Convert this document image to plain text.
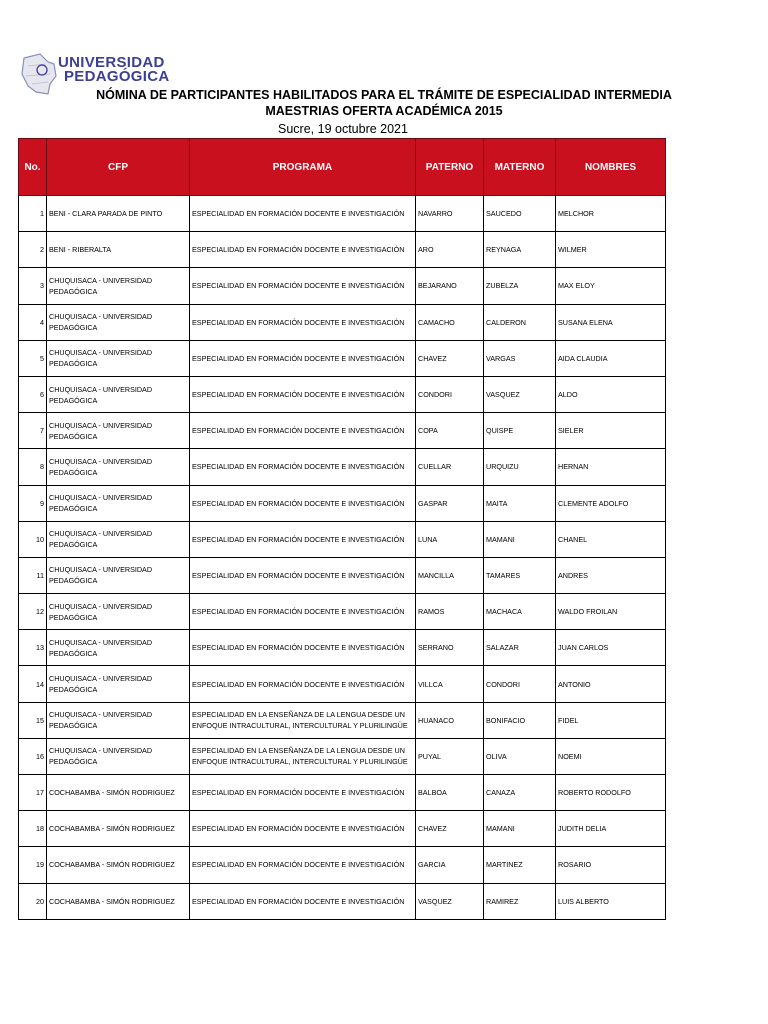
UNIVERSIDAD
PEDAGÓGICA
NÓMINA DE PARTICIPANTES HABILITADOS PARA EL TRÁMITE DE ESPECIALIDAD INTERMEDIA
MAESTRIAS OFERTA ACADÉMICA 2015
Sucre, 19 octubre 2021
No.	CFP	PROGRAMA	PATERNO	MATERNO	NOMBRES
1	BENI - CLARA PARADA DE PINTO	ESPECIALIDAD EN FORMACIÓN DOCENTE E INVESTIGACIÓN	NAVARRO	SAUCEDO	MELCHOR
2	BENI - RIBERALTA	ESPECIALIDAD EN FORMACIÓN DOCENTE E INVESTIGACIÓN	ARO	REYNAGA	WILMER
3	CHUQUISACA - UNIVERSIDAD PEDAGÓGICA	ESPECIALIDAD EN FORMACIÓN DOCENTE E INVESTIGACIÓN	BEJARANO	ZUBELZA	MAX ELOY
4	CHUQUISACA - UNIVERSIDAD PEDAGÓGICA	ESPECIALIDAD EN FORMACIÓN DOCENTE E INVESTIGACIÓN	CAMACHO	CALDERON	SUSANA ELENA
5	CHUQUISACA - UNIVERSIDAD PEDAGÓGICA	ESPECIALIDAD EN FORMACIÓN DOCENTE E INVESTIGACIÓN	CHAVEZ	VARGAS	AIDA CLAUDIA
6	CHUQUISACA - UNIVERSIDAD PEDAGÓGICA	ESPECIALIDAD EN FORMACIÓN DOCENTE E INVESTIGACIÓN	CONDORI	VASQUEZ	ALDO
7	CHUQUISACA - UNIVERSIDAD PEDAGÓGICA	ESPECIALIDAD EN FORMACIÓN DOCENTE E INVESTIGACIÓN	COPA	QUISPE	SIELER
8	CHUQUISACA - UNIVERSIDAD PEDAGÓGICA	ESPECIALIDAD EN FORMACIÓN DOCENTE E INVESTIGACIÓN	CUELLAR	URQUIZU	HERNAN
9	CHUQUISACA - UNIVERSIDAD PEDAGÓGICA	ESPECIALIDAD EN FORMACIÓN DOCENTE E INVESTIGACIÓN	GASPAR	MAITA	CLEMENTE ADOLFO
10	CHUQUISACA - UNIVERSIDAD PEDAGÓGICA	ESPECIALIDAD EN FORMACIÓN DOCENTE E INVESTIGACIÓN	LUNA	MAMANI	CHANEL
11	CHUQUISACA - UNIVERSIDAD PEDAGÓGICA	ESPECIALIDAD EN FORMACIÓN DOCENTE E INVESTIGACIÓN	MANCILLA	TAMARES	ANDRES
12	CHUQUISACA - UNIVERSIDAD PEDAGÓGICA	ESPECIALIDAD EN FORMACIÓN DOCENTE E INVESTIGACIÓN	RAMOS	MACHACA	WALDO FROILAN
13	CHUQUISACA - UNIVERSIDAD PEDAGÓGICA	ESPECIALIDAD EN FORMACIÓN DOCENTE E INVESTIGACIÓN	SERRANO	SALAZAR	JUAN CARLOS
14	CHUQUISACA - UNIVERSIDAD PEDAGÓGICA	ESPECIALIDAD EN FORMACIÓN DOCENTE E INVESTIGACIÓN	VILLCA	CONDORI	ANTONIO
15	CHUQUISACA - UNIVERSIDAD PEDAGÓGICA	ESPECIALIDAD EN LA ENSEÑANZA DE LA LENGUA DESDE UN ENFOQUE INTRACULTURAL, INTERCULTURAL Y PLURILINGÜE	HUANACO	BONIFACIO	FIDEL
16	CHUQUISACA - UNIVERSIDAD PEDAGÓGICA	ESPECIALIDAD EN LA ENSEÑANZA DE LA LENGUA DESDE UN ENFOQUE INTRACULTURAL, INTERCULTURAL Y PLURILINGÜE	PUYAL	OLIVA	NOEMI
17	COCHABAMBA - SIMÓN RODRIGUEZ	ESPECIALIDAD EN FORMACIÓN DOCENTE E INVESTIGACIÓN	BALBOA	CANAZA	ROBERTO RODOLFO
18	COCHABAMBA - SIMÓN RODRIGUEZ	ESPECIALIDAD EN FORMACIÓN DOCENTE E INVESTIGACIÓN	CHAVEZ	MAMANI	JUDITH DELIA
19	COCHABAMBA - SIMÓN RODRIGUEZ	ESPECIALIDAD EN FORMACIÓN DOCENTE E INVESTIGACIÓN	GARCIA	MARTINEZ	ROSARIO
20	COCHABAMBA - SIMÓN RODRIGUEZ	ESPECIALIDAD EN FORMACIÓN DOCENTE E INVESTIGACIÓN	VASQUEZ	RAMIREZ	LUIS ALBERTO
